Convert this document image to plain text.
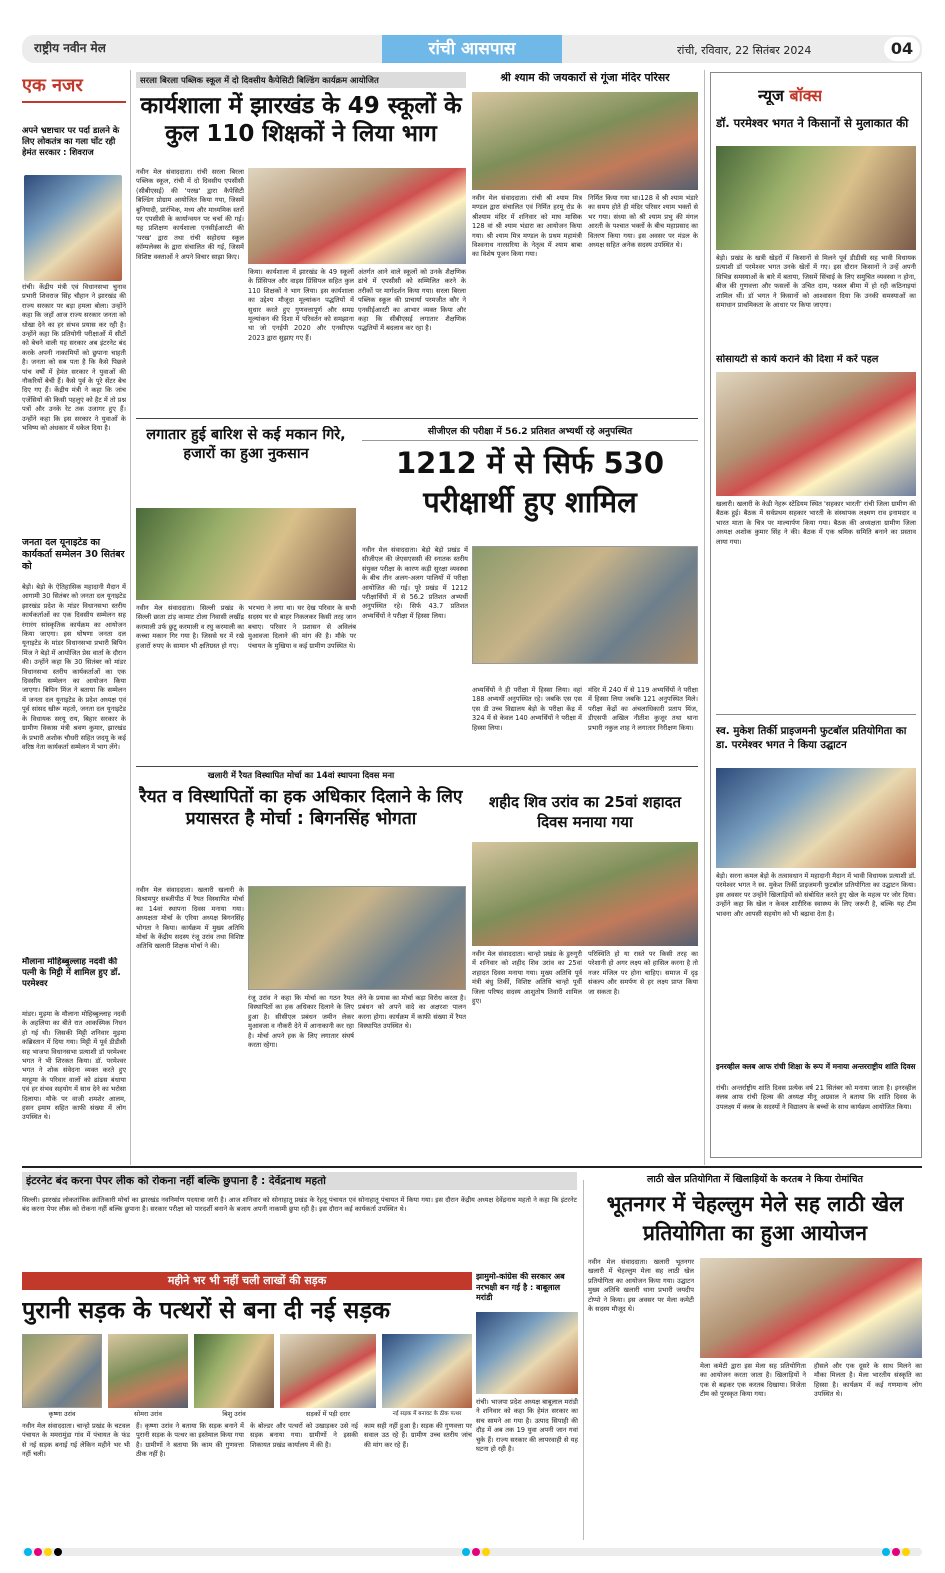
राष्ट्रीय नवीन मेल	रांची आसपास	रांची, रविवार, 22 सितंबर 2024	04
एक नजर
अपने भ्रष्टाचार पर पर्दा डालने के लिए लोकतंत्र का गला घोंट रही हेमंत सरकार : शिवराज
रांची। केंद्रीय मंत्री एवं विधानसभा चुनाव प्रभारी शिवराज सिंह चौहान ने झारखंड की राज्य सरकार पर बड़ा हमला बोला। उन्होंने कहा कि जहाँ आज राज्य सरकार जनता को धोखा देने का हर संभव प्रयास कर रही है। उन्होंने कहा कि प्रतियोगी परीक्षाओं में सीटों को बेचने वाली यह सरकार अब इंटरनेट बंद करके अपनी नाकामियों को छुपाना चाहती है। जनता को सब पता है कि कैसे पिछले पांच वर्षों में हेमंत सरकार ने युवाओं की नौकरियों बेची हैं। कैसे पुर्व के पूरे सेंटर बेच दिए गए हैं। केंद्रीय मंत्री ने कहा कि जांच एजेंसियों की किसी पहलुएं को हैट में तो प्रश्न पत्रों और उनके रेट तक उजागर हुए हैं। उन्होंने कहा कि इस सरकार ने युवाओं के भविष्य को अंधकार में धकेल दिया है।
जनता दल यूनाइटेड का कार्यकर्ता सम्मेलन 30 सितंबर को
बेड़ो। बेड़ो के ऐतिहासिक महादानी मैदान में आगामी 30 सितंबर को जनता दल यूनाइटेड झारखंड प्रदेश के मांडर विधानसभा स्तरीय कार्यकर्ताओं का एक दिवसीय सम्मेलन सह रंगारंग सांस्कृतिक कार्यक्रम का आयोजन किया जाएगा। इस घोषणा जनता दल यूनाइटेड के मांडर विधानसभा प्रभारी बिपिन मिंज ने बेड़ो में आयोजित प्रेस वार्ता के दौरान की। उन्होंने कहा कि 30 सितंबर को मांडर विधानसभा स्तरीय कार्यकर्ताओं का एक दिवसीय सम्मेलन का आयोजन किया जाएगा। बिपिन मिंज ने बताया कि सम्मेलन में जनता दल यूनाइटेड के प्रदेश अध्यक्ष एवं पूर्व सांसद खीरू महतो, जनता दल यूनाइटेड के विधायक सरयू राय, बिहार सरकार के ग्रामीण विकास मंत्री श्रवण कुमार, झारखंड के प्रभारी अशोक चौधरी सहित जदयू के कई वरिष्ठ नेता कार्यकर्ता सम्मेलन में भाग लेंगे।
मौलाना मोहिब्बुल्लाह नदवी की पत्नी के मिट्टी में शामिल हुए डॉ. परमेश्वर
मांडर। मुड़मा के मौलाना मोहिब्बुल्लाह नदवी के अहलिया का बीते रात आकस्मिक निधन हो गई थी। जिसकी मिट्टी शनिवार मुड़मा कब्रिस्तान में दिया गया। मिट्टी में पूर्व डीडीसी सह भाजपा विधानसभा प्रत्याशी डॉ परमेश्वर भगत ने भी शिरकत किया। डॉ. परमेश्वर भगत ने शोक संवेदना व्यक्त करते हुए मरहूमा के परिवार वालों को ढांढस बंधाया एवं हर संभव सहयोग में साथ देने का भरोसा दिलाया। मौके पर वाजी शमशेर आलम, हसन इमाम सहित काफी संख्या में लोग उपस्थित थे।
सरला बिरला पब्लिक स्कूल में दो दिवसीय कैपेसिटी बिल्डिंग कार्यक्रम आयोजित
कार्यशाला में झारखंड के 49 स्कूलों के कुल 110 शिक्षकों ने लिया भाग
नवीन मेल संवाददाता। रांची सरला बिरला पब्लिक स्कूल, रांची में दो दिवसीय एपसीसी (सीबीएसई) की 'परख' द्वारा कैपेसिटी बिल्डिंग प्रोग्राम आयोजित किया गया, जिसमें बुनियादी, प्रारंभिक, मध्य और माध्यमिक स्तरों पर एपसीसी के कार्यान्वयन पर चर्चा की गई। यह प्रशिक्षण कार्यशाला एनसीईआरटी की 'परख' द्वारा तथा रांची सहोदया स्कूल कॉम्पलेक्स के द्वारा संचालित की गई, जिसमें विशिष्ट वक्ताओं ने अपने विचार साझा किए।
किया। कार्यशाला में झारखंड के 49 स्कूलों के प्रिंसिपल और वाइस प्रिंसिपल सहित कुल 110 शिक्षकों ने भाग लिया। इस कार्यशाला का उद्देश्य मौजूदा मूल्यांकन पद्धतियों में सुधार करते हुए गुणवत्तापूर्ण और समग्र मूल्यांकन की दिशा में परिवर्तन को समझाना था जो एनईपी 2020 और एनसीएफ 2023 द्वारा सुझाए गए हैं।
अंतर्गत आने वाले स्कूलों को उनके शैक्षणिक ढांचे में एपसीसी को सम्मिलित करने के तरीकों पर मार्गदर्शन किया गया। सरला बिरला पब्लिक स्कूल की प्राचार्या परमजीत कौर ने एनसीईआरटी का आभार व्यक्त किया और कहा कि सीबीएसई लगातार शैक्षणिक पद्धतियों में बदलाव कर रहा है।
श्री श्याम की जयकारों से गूंजा मंदिर परिसर
नवीन मेल संवाददाता। रांची श्री श्याम मित्र मण्डल द्वारा संचालित एवं निर्मित हरमू रोड के श्रीश्याम मंदिर में शनिवार को माघ मासिक 128 वां श्री श्याम भंडारा का आयोजन किया गया। श्री श्याम मित्र मण्डल के प्रथम महामंत्री विश्वनाथ नारसरिया के नेतृत्व में श्याम बाबा का विशेष पूजन किया गया।
निर्मित किया गया था।128 वें श्री श्याम भंडारे का समय होते ही मंदिर परिसर श्याम भक्तों से भर गया। संध्या को श्री श्याम प्रभु की मंगल आरती के पश्चात भक्तों के बीच महाप्रसाद का वितरण किया गया। इस अवसर पर मंडल के अध्यक्ष सहित अनेक सदस्य उपस्थित थे।
लगातार हुई बारिश से कई मकान गिरे, हजारों का हुआ नुकसान
नवीन मेल संवाददाता। सिल्ली प्रखंड के सिल्ली छाता टांड़ कामाट टोला निवासी लखींद्र करमाली उर्फ छुटू करमाली व रघु करमाली का कच्चा मकान गिर गया है। जिससे घर में रखे हजारों रुपए के सामान भी क्षतिग्रस्त हो गए।
भरभरा ने लगा था। घर देख परिवार के सभी सदस्य घर से बाहर निकलकर किसी तरह जान बचाए। परिवार ने प्रशासन से अविलंब मुआवजा दिलाने की मांग की है। मौके पर पंचायत के मुखिया व कई ग्रामीण उपस्थित थे।
सीजीएल की परीक्षा में 56.2 प्रतिशत अभ्यर्थी रहे अनुपस्थित
1212 में से सिर्फ 530 परीक्षार्थी हुए शामिल
नवीन मेल संवाददाता। बेड़ो बेड़ो प्रखंड में सीजीएल की जेएसएससी की स्नातक स्तरीय संयुक्त परीक्षा के कारण कड़ी सुरक्षा व्यवस्था के बीच तीन अलग-अलग पालियों में परीक्षा आयोजित की गई। पूरे प्रखंड में 1212 परीक्षार्थियों में से 56.2 प्रतिशत अभ्यर्थी अनुपस्थित रहे। सिर्फ 43.7 प्रतिशत अभ्यर्थियों ने परीक्षा में हिस्सा लिया।
अभ्यर्थियों ने ही परीक्षा में हिस्सा लिया। वहां 188 अभ्यर्थी अनुपस्थित रहे। जबकि एस एस एस डी उच्च विद्यालय बेड़ो के परीक्षा केंद्र में 324 में से केवल 140 अभ्यर्थियों ने परीक्षा में हिस्सा लिया।
मंदिर में 240 में से 119 अभ्यर्थियों ने परीक्षा में हिस्सा लिया जबकि 121 अनुपस्थित मिले। परीक्षा केंद्रों का अंचलाधिकारी प्रताप मिंज, डीएसपी अखिल नीतीश कुजूर तथा थाना प्रभारी नकुल शाह ने लगातार निरीक्षण किया।
खलारी में रैयत विस्थापित मोर्चा का 14वां स्थापना दिवस मना
रैयत व विस्थापितों का हक अधिकार दिलाने के लिए प्रयासरत है मोर्चा : बिगनसिंह भोगता
नवीन मेल संवाददाता। खलारी खलारी के विश्रामपुर सब्जीपीठ में रैयत विस्थापित मोर्चा का 14वां स्थापना दिवस मनाया गया। अध्यक्षता मोर्चा के एरिया अध्यक्ष बिगनसिंह भोगता ने किया। कार्यक्रम में मुख्य अतिथि मोर्चा के केंद्रीय सदस्य रंजू उरांव तथा विशिष्ट अतिथि खलारी शिक्षक मोर्चा ने की।
रंजू उरांव ने कहा कि मोर्चा का गठन रैयत विस्थापितों का हक अधिकार दिलाने के लिए हुआ है। सीसीएल प्रबंधन जमीन लेकर मुआवजा व नौकरी देने में आनाकानी कर रहा है। मोर्चा अपने हक के लिए लगातार संघर्ष करता रहेगा।
लेने के प्रयास का मोर्चा कड़ा विरोध करता है। प्रबंधन को अपने वादे का अक्षरशः पालन करना होगा। कार्यक्रम में काफी संख्या में रैयत विस्थापित उपस्थित थे।
शहीद शिव उरांव का 25वां शहादत दिवस मनाया गया
नवीन मेल संवाददाता। चान्हो प्रखंड के डुरुगुरी में शनिवार को शहीद शिव उरांव का 25वां शहादत दिवस मनाया गया। मुख्य अतिथि पूर्व मंत्री बंधु तिर्की, विशिष्ट अतिथि चान्हो पूर्वी जिला परिषद सदस्य आशुतोष तिवारी शामिल हुए।
परिस्थिति हो या रास्ते पर किसी तरह का परेशानी हो अगर लक्ष्य को हासिल करना है तो नजर मंजिल पर होना चाहिए। समाज में दृढ़ संकल्प और समर्पण से हर लक्ष्य प्राप्त किया जा सकता है।
न्यूज बॉक्स
डॉ. परमेश्वर भगत ने किसानों से मुलाकात की
बेड़ो। प्रखंड के खत्री खेड़रों में किसानों से मिलने पूर्व डीडीसी सह भावी विधायक प्रत्याशी डॉ परमेश्वर भगत उनके खेतों में गए। इस दौरान किसानों ने उन्हें अपनी विभिन्न समस्याओं के बारे में बताया, जिसमें सिंचाई के लिए समुचित व्यवस्था न होना, बीज की गुणवत्ता और फसलों के उचित दाम, फसल बीमा में हो रही कठिनाइयां शामिल थीं। डॉ भगत ने किसानों को आश्वासन दिया कि उनकी समस्याओं का समाधान प्राथमिकता के आधार पर किया जाएगा।
सोसायटी से कार्य कराने की दिशा में करें पहल
खलारी। खलारी के केडी नेहरू स्टेडियम स्थित 'सहकार भारती' रांची जिला ग्रामीण की बैठक हुई। बैठक में सर्वप्रथम सहकार भारती के संस्थापक लक्ष्मण राव इनामदार व भारत माता के चित्र पर माल्यार्पण किया गया। बैठक की अध्यक्षता ग्रामीण जिला अध्यक्ष अशोक कुमार सिंह ने की। बैठक में एक श्रमिक समिति बनाने का प्रस्ताव लाया गया।
स्व. मुकेश तिर्की प्राइजमनी फुटबॉल प्रतियोगिता का डा. परमेश्वर भगत ने किया उद्घाटन
बेड़ो। सरना कमल बेड़ो के तत्वावधान में महादानी मैदान में भावी विधायक प्रत्याशी डॉ. परमेश्वर भगत ने स्व. मुकेश तिर्की प्राइजमनी फुटबॉल प्रतियोगिता का उद्घाटन किया। इस अवसर पर उन्होंने खिलाड़ियों को संबोधित करते हुए खेल के महत्व पर जोर दिया। उन्होंने कहा कि खेल न केवल शारीरिक स्वास्थ्य के लिए जरूरी है, बल्कि यह टीम भावना और आपसी सहयोग को भी बढ़ावा देता है।
इनरव्हील क्लब आफ रांची शिक्षा के रूप में मनाया अन्तरराष्ट्रीय शांति दिवस
रांची। अन्तर्राष्ट्रीय शांति दिवस प्रत्येक वर्ष 21 सितंबर को मनाया जाता है। इनरव्हील क्लब आफ रांची हिल्स की अध्यक्ष मीनू अग्रवाल ने बताया कि शांति दिवस के उपलक्ष्य में क्लब के सदस्यों ने विद्यालय के बच्चों के साथ कार्यक्रम आयोजित किया।
इंटरनेट बंद करना पेपर लीक को रोकना नहीं बल्कि छुपाना है : देवेंद्रनाथ महतो
सिल्ली। झारखंड लोकतांत्रिक क्रांतिकारी मोर्चा का झारखंड नवनिर्माण पदयात्रा जारी है। आज शनिवार को सोनाहातू प्रखंड के रेहतू पंचायत एवं सोनाहातू पंचायत में किया गया। इस दौरान केंद्रीय अध्यक्ष देवेंद्रनाथ महतो ने कहा कि इंटरनेट बंद करना पेपर लीक को रोकना नहीं बल्कि छुपाना है। सरकार परीक्षा को पारदर्शी बनाने के बजाय अपनी नाकामी छुपा रही है। इस दौरान कई कार्यकर्ता उपस्थित थे।
महीने भर भी नहीं चली लाखों की सड़क
पुरानी सड़क के पत्थरों से बना दी नई सड़क
कृष्णा उरांव	सोमरा उरांव	बिशु उरांव	सड़कों में पड़ी दरार	नई सड़क में बनावट के ठीक पत्थर
नवीन मेल संवाददाता। चान्हो प्रखंड के चटवल पंचायत के ममरामुंडा गांव में पंचायत के फंड से नई सड़क बनाई गई लेकिन महीने भर भी नहीं चली।
हैं। कृष्णा उरांव ने बताया कि सड़क बनाने में पुरानी सड़क के पत्थर का इस्तेमाल किया गया है। ग्रामीणों ने बताया कि काम की गुणवत्ता ठीक नहीं है।
के बोल्डर और पत्थरों को उखाड़कर उसे नई सड़क बनाया गया। ग्रामीणों ने इसकी शिकायत प्रखंड कार्यालय में की है।
काम सही नहीं हुआ है। सड़क की गुणवत्ता पर सवाल उठ रहे हैं। ग्रामीण उच्च स्तरीय जांच की मांग कर रहे हैं।
झामुमो-कांग्रेस की सरकार अब नरभक्षी बन गई है : बाबूलाल मरांडी
रांची। भाजपा प्रदेश अध्यक्ष बाबूलाल मरांडी ने शनिवार को कहा कि हेमंत सरकार का सच सामने आ गया है। उत्पाद सिपाही की दौड़ में अब तक 19 युवा अपनी जान गवां चुके हैं। राज्य सरकार की लापरवाही से यह घटना हो रही है।
लाठी खेल प्रतियोगिता में खिलाड़ियों के करतब ने किया रोमांचित
भूतनगर में चेहल्लुम मेले सह लाठी खेल प्रतियोगिता का हुआ आयोजन
नवीन मेल संवाददाता। खलारी भूतनगर खलारी में चेहल्लुम मेला सह लाठी खेल प्रतियोगिता का आयोजन किया गया। उद्घाटन मुख्य अतिथि खलारी थाना प्रभारी जयदीप टोप्पो ने किया। इस अवसर पर मेला कमेटी के सदस्य मौजूद थे।
मेला कमेटी द्वारा इस मेला सह प्रतियोगिता का आयोजन करता जाता है। खिलाड़ियों ने एक से बढ़कर एक करतब दिखाया। विजेता टीम को पुरस्कृत किया गया।
हौसले और एक दूसरे के साथ मिलने का मौका मिलता है। मेला भारतीय संस्कृति का हिस्सा है। कार्यक्रम में कई गणमान्य लोग उपस्थित थे।
